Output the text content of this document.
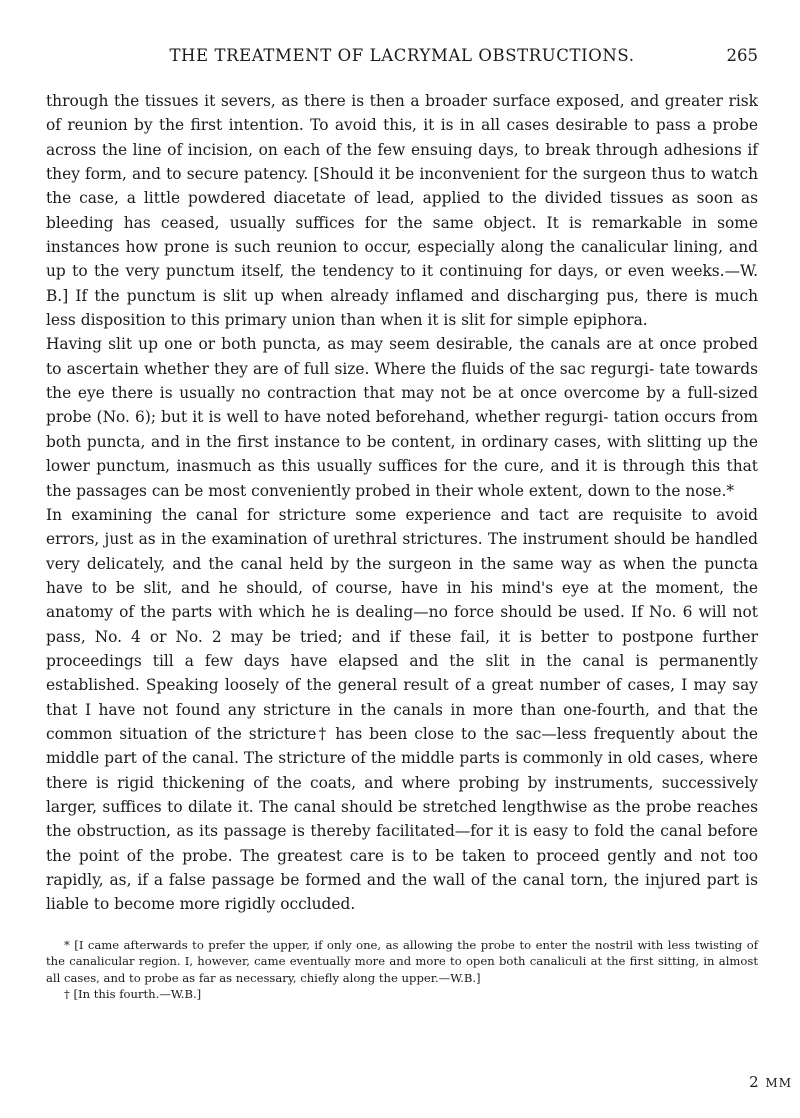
THE TREATMENT OF LACRYMAL OBSTRUCTIONS.	265

through the tissues it severs, as there is then a broader surface exposed, and greater risk of reunion by the first intention. To avoid this, it is in all cases desirable to pass a probe across the line of incision, on each of the few ensuing days, to break through adhesions if they form, and to secure patency. [Should it be inconvenient for the surgeon thus to watch the case, a little powdered diacetate of lead, applied to the divided tissues as soon as bleeding has ceased, usually suffices for the same object. It is remarkable in some instances how prone is such reunion to occur, especially along the canalicular lining, and up to the very punctum itself, the tendency to it continuing for days, or even weeks.—W. B.] If the punctum is slit up when already inflamed and discharging pus, there is much less disposition to this primary union than when it is slit for simple epiphora.

Having slit up one or both puncta, as may seem desirable, the canals are at once probed to ascertain whether they are of full size. Where the fluids of the sac regurgi- tate towards the eye there is usually no contraction that may not be at once overcome by a full-sized probe (No. 6); but it is well to have noted beforehand, whether regurgi- tation occurs from both puncta, and in the first instance to be content, in ordinary cases, with slitting up the lower punctum, inasmuch as this usually suffices for the cure, and it is through this that the passages can be most conveniently probed in their whole extent, down to the nose.*

In examining the canal for stricture some experience and tact are requisite to avoid errors, just as in the examination of urethral strictures. The instrument should be handled very delicately, and the canal held by the surgeon in the same way as when the puncta have to be slit, and he should, of course, have in his mind's eye at the moment, the anatomy of the parts with which he is dealing—no force should be used. If No. 6 will not pass, No. 4 or No. 2 may be tried; and if these fail, it is better to postpone further proceedings till a few days have elapsed and the slit in the canal is permanently established. Speaking loosely of the general result of a great number of cases, I may say that I have not found any stricture in the canals in more than one-fourth, and that the common situation of the stricture† has been close to the sac—less frequently about the middle part of the canal. The stricture of the middle parts is commonly in old cases, where there is rigid thickening of the coats, and where probing by instruments, successively larger, suffices to dilate it. The canal should be stretched lengthwise as the probe reaches the obstruction, as its passage is thereby facilitated—for it is easy to fold the canal before the point of the probe. The greatest care is to be taken to proceed gently and not too rapidly, as, if a false passage be formed and the wall of the canal torn, the injured part is liable to become more rigidly occluded.

* [I came afterwards to prefer the upper, if only one, as allowing the probe to enter the nostril with less twisting of the canalicular region. I, however, came eventually more and more to open both canaliculi at the first sitting, in almost all cases, and to probe as far as necessary, chiefly along the upper.—W.B.]

† [In this fourth.—W.B.]

2 MM
